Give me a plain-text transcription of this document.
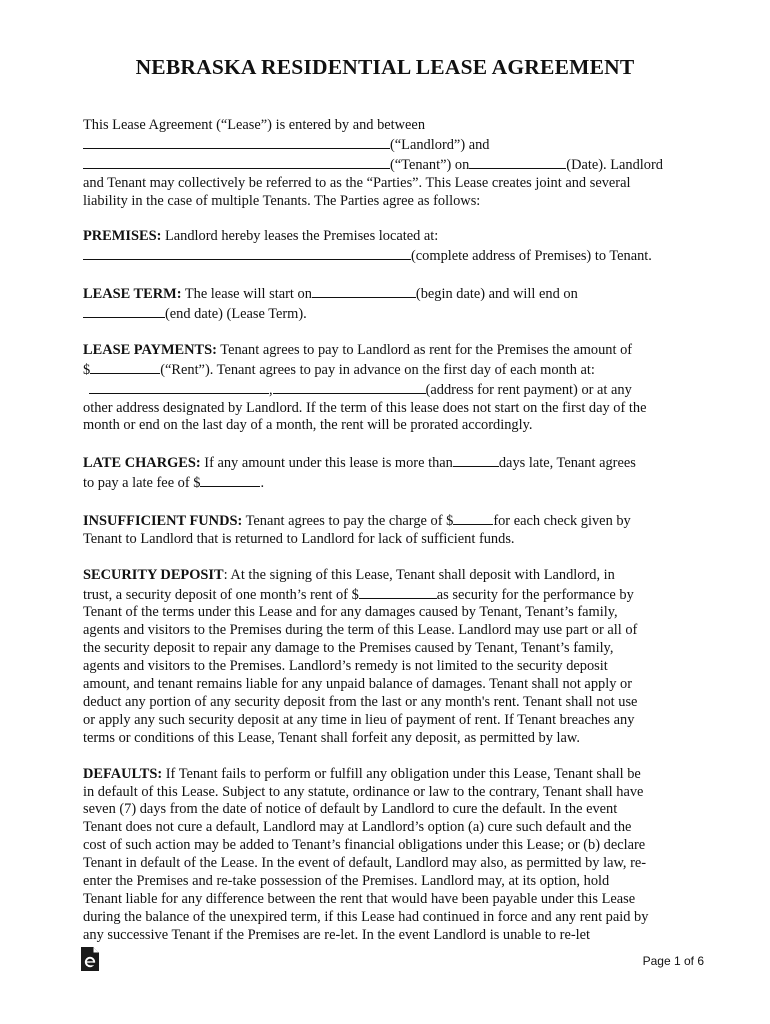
NEBRASKA RESIDENTIAL LEASE AGREEMENT
This Lease Agreement (“Lease”) is entered by and between
(“Landlord”) and
(“Tenant”) on	(Date). Landlord
and Tenant may collectively be referred to as the “Parties”. This Lease creates joint and several
liability in the case of multiple Tenants. The Parties agree as follows:
PREMISES: Landlord hereby leases the Premises located at:
(complete address of Premises) to Tenant.
LEASE TERM: The lease will start on	(begin date) and will end on
(end date) (Lease Term).
LEASE PAYMENTS: Tenant agrees to pay to Landlord as rent for the Premises the amount of
$	(“Rent”). Tenant agrees to pay in advance on the first day of each month at:
,	(address for rent payment) or at any
other address designated by Landlord. If the term of this lease does not start on the first day of the
month or end on the last day of a month, the rent will be prorated accordingly.
LATE CHARGES: If any amount under this lease is more than	days late, Tenant agrees
to pay a late fee of $	.
INSUFFICIENT FUNDS: Tenant agrees to pay the charge of $	for each check given by
Tenant to Landlord that is returned to Landlord for lack of sufficient funds.
SECURITY DEPOSIT: At the signing of this Lease, Tenant shall deposit with Landlord, in
trust, a security deposit of one month’s rent of $	as security for the performance by
Tenant of the terms under this Lease and for any damages caused by Tenant, Tenant’s family,
agents and visitors to the Premises during the term of this Lease. Landlord may use part or all of
the security deposit to repair any damage to the Premises caused by Tenant, Tenant’s family,
agents and visitors to the Premises. Landlord’s remedy is not limited to the security deposit
amount, and tenant remains liable for any unpaid balance of damages. Tenant shall not apply or
deduct any portion of any security deposit from the last or any month's rent. Tenant shall not use
or apply any such security deposit at any time in lieu of payment of rent. If Tenant breaches any
terms or conditions of this Lease, Tenant shall forfeit any deposit, as permitted by law.
DEFAULTS: If Tenant fails to perform or fulfill any obligation under this Lease, Tenant shall be
in default of this Lease. Subject to any statute, ordinance or law to the contrary, Tenant shall have
seven (7) days from the date of notice of default by Landlord to cure the default. In the event
Tenant does not cure a default, Landlord may at Landlord’s option (a) cure such default and the
cost of such action may be added to Tenant’s financial obligations under this Lease; or (b) declare
Tenant in default of the Lease. In the event of default, Landlord may also, as permitted by law, re-
enter the Premises and re-take possession of the Premises. Landlord may, at its option, hold
Tenant liable for any difference between the rent that would have been payable under this Lease
during the balance of the unexpired term, if this Lease had continued in force and any rent paid by
any successive Tenant if the Premises are re-let. In the event Landlord is unable to re-let
Page 1 of 6
